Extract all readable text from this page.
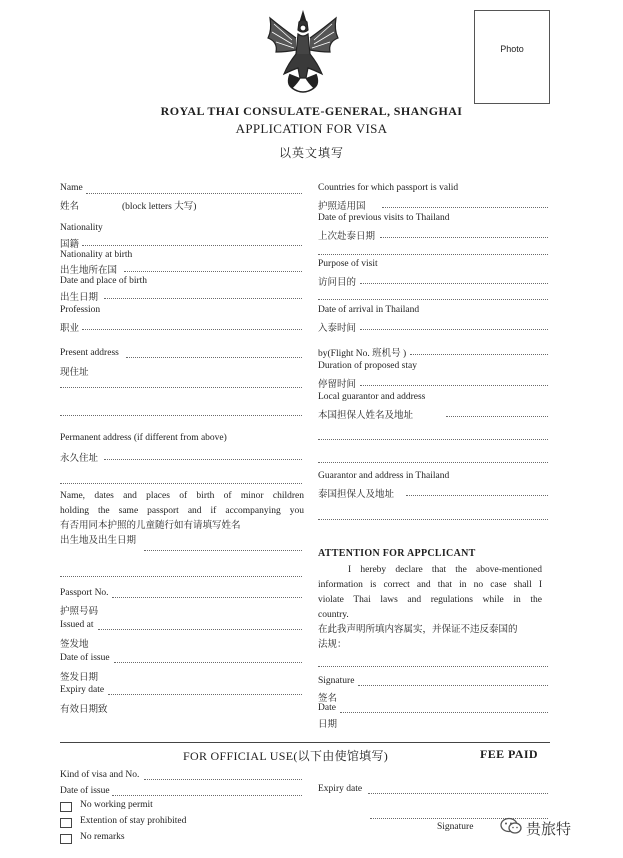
Photo
ROYAL THAI CONSULATE-GENERAL, SHANGHAI
APPLICATION FOR VISA
以英文填写
Name
姓名	(block letters 大写)
Nationality
国籍
Nationality at birth
出生地所在国
Date and place of birth
出生日期
Profession
职业
Present address
现住址
Permanent address (if different from above)
永久住址
Name, dates and places of birth of minor children
holding the same passport and if accompanying you
有否用同本护照的儿童随行如有请填写姓名
出生地及出生日期
Passport No.
护照号码
Issued at
签发地
Date of issue
签发日期
Expiry date
有效日期致
Countries for which passport is valid
护照适用国
Date of previous visits to Thailand
上次赴泰日期
Purpose of visit
访问目的
Date of arrival in Thailand
入泰时间
by(Flight No. 班机号 )
Duration of proposed stay
停留时间
Local guarantor and address
本国担保人姓名及地址
Guarantor and address in Thailand
泰国担保人及地址
ATTENTION FOR APPCLICANT
I hereby declare that the above-mentioned
information is correct and that in no case shall I
violate Thai laws and regulations while in the
country.
在此我声明所填内容属实，并保证不违反泰国的
法规：
Signature
签名
Date
日期
FOR OFFICIAL USE(以下由使馆填写)	FEE PAID
Kind of visa and No.
Date of issue	Expiry date
No working permit
Extention of stay prohibited
No remarks
Signature	贵旅特
